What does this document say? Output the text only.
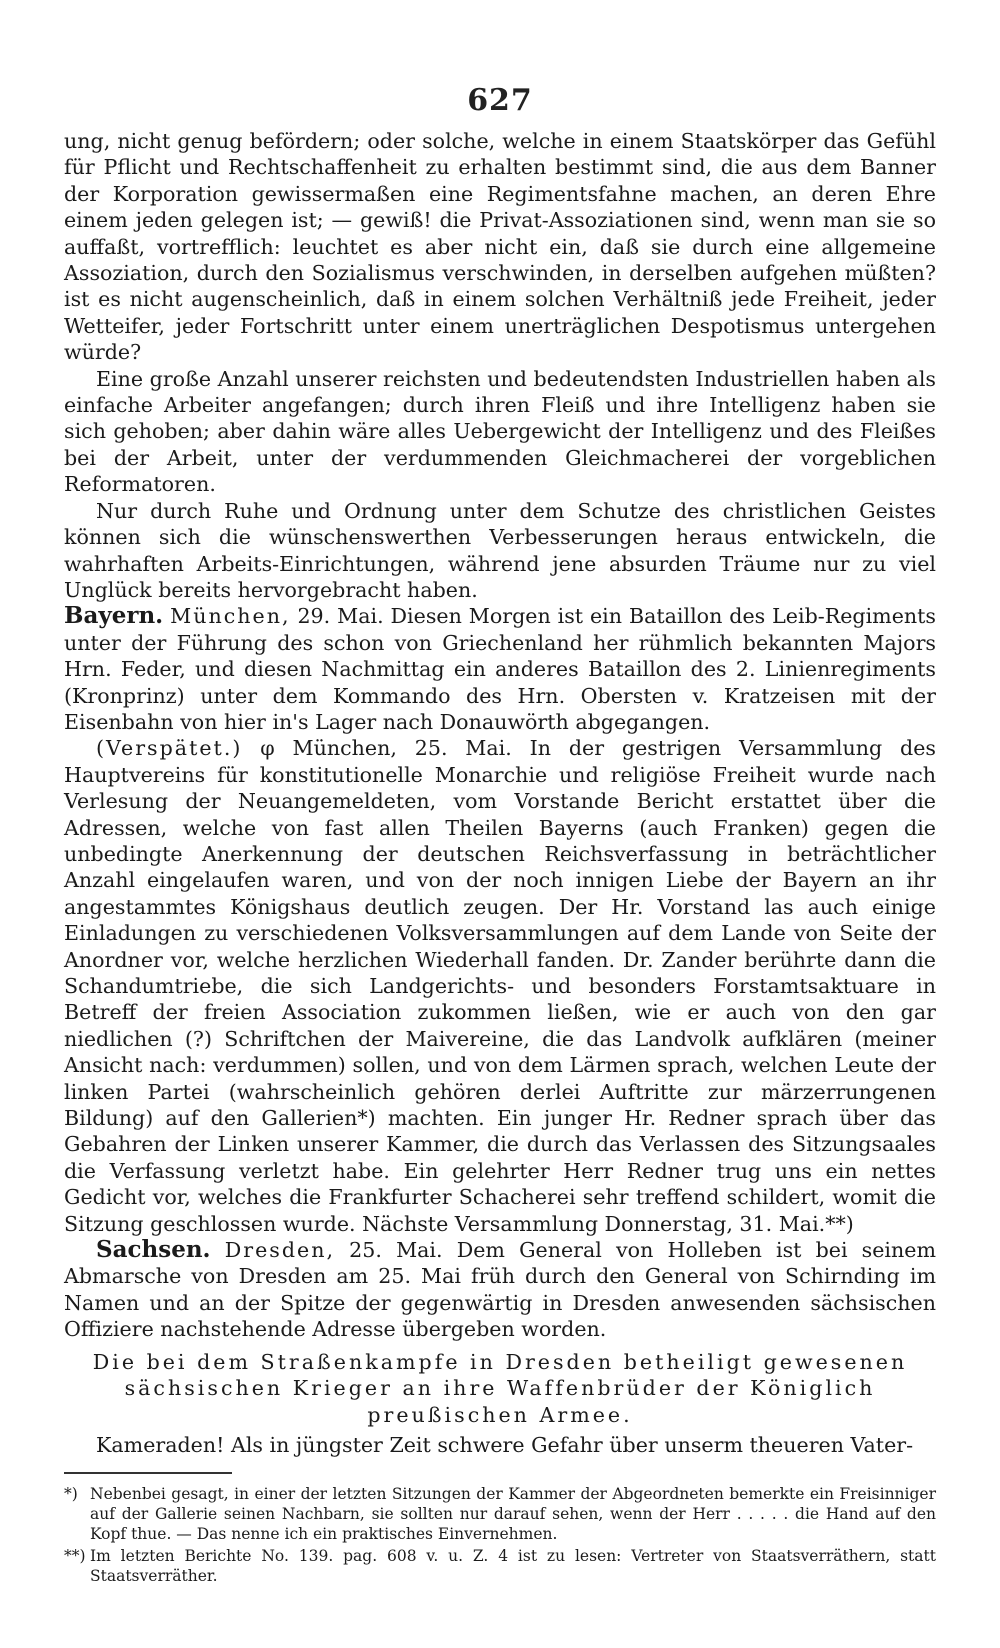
627

ung, nicht genug befördern; oder solche, welche in einem Staatskörper das Gefühl für Pflicht und Rechtschaffenheit zu erhalten bestimmt sind, die aus dem Banner der Korporation gewissermaßen eine Regimentsfahne machen, an deren Ehre einem jeden gelegen ist; — gewiß! die Privat-Assoziationen sind, wenn man sie so auffaßt, vortrefflich: leuchtet es aber nicht ein, daß sie durch eine allgemeine Assoziation, durch den Sozialismus verschwinden, in derselben aufgehen müßten? ist es nicht augenscheinlich, daß in einem solchen Verhältniß jede Freiheit, jeder Wetteifer, jeder Fortschritt unter einem unerträglichen Despotismus untergehen würde?

Eine große Anzahl unserer reichsten und bedeutendsten Industriellen haben als einfache Arbeiter angefangen; durch ihren Fleiß und ihre Intelligenz haben sie sich gehoben; aber dahin wäre alles Uebergewicht der Intelligenz und des Fleißes bei der Arbeit, unter der verdummenden Gleichmacherei der vorgeblichen Reformatoren.

Nur durch Ruhe und Ordnung unter dem Schutze des christlichen Geistes können sich die wünschenswerthen Verbesserungen heraus entwickeln, die wahrhaften Arbeits-Einrichtungen, während jene absurden Träume nur zu viel Unglück bereits hervorgebracht haben.

Bayern. München, 29. Mai. Diesen Morgen ist ein Bataillon des Leib-Regiments unter der Führung des schon von Griechenland her rühmlich bekannten Majors Hrn. Feder, und diesen Nachmittag ein anderes Bataillon des 2. Linienregiments (Kronprinz) unter dem Kommando des Hrn. Obersten v. Kratzeisen mit der Eisenbahn von hier in's Lager nach Donauwörth abgegangen.

(Verspätet.) φ München, 25. Mai. In der gestrigen Versammlung des Hauptvereins für konstitutionelle Monarchie und religiöse Freiheit wurde nach Verlesung der Neuangemeldeten, vom Vorstande Bericht erstattet über die Adressen, welche von fast allen Theilen Bayerns (auch Franken) gegen die unbedingte Anerkennung der deutschen Reichsverfassung in beträchtlicher Anzahl eingelaufen waren, und von der noch innigen Liebe der Bayern an ihr angestammtes Königshaus deutlich zeugen. Der Hr. Vorstand las auch einige Einladungen zu verschiedenen Volksversammlungen auf dem Lande von Seite der Anordner vor, welche herzlichen Wiederhall fanden. Dr. Zander berührte dann die Schandumtriebe, die sich Landgerichts- und besonders Forstamtsaktuare in Betreff der freien Association zukommen ließen, wie er auch von den gar niedlichen (?) Schriftchen der Maivereine, die das Landvolk aufklären (meiner Ansicht nach: verdummen) sollen, und von dem Lärmen sprach, welchen Leute der linken Partei (wahrscheinlich gehören derlei Auftritte zur märzerrungenen Bildung) auf den Gallerien*) machten. Ein junger Hr. Redner sprach über das Gebahren der Linken unserer Kammer, die durch das Verlassen des Sitzungsaales die Verfassung verletzt habe. Ein gelehrter Herr Redner trug uns ein nettes Gedicht vor, welches die Frankfurter Schacherei sehr treffend schildert, womit die Sitzung geschlossen wurde. Nächste Versammlung Donnerstag, 31. Mai.**)

Sachsen. Dresden, 25. Mai. Dem General von Holleben ist bei seinem Abmarsche von Dresden am 25. Mai früh durch den General von Schirnding im Namen und an der Spitze der gegenwärtig in Dresden anwesenden sächsischen Offiziere nachstehende Adresse übergeben worden.

Die bei dem Straßenkampfe in Dresden betheiligt gewesenen sächsischen Krieger an ihre Waffenbrüder der Königlich preußischen Armee.

Kameraden! Als in jüngster Zeit schwere Gefahr über unserm theueren Vater-

*) Nebenbei gesagt, in einer der letzten Sitzungen der Kammer der Abgeordneten bemerkte ein Freisinniger auf der Gallerie seinen Nachbarn, sie sollten nur darauf sehen, wenn der Herr . . . . . die Hand auf den Kopf thue. — Das nenne ich ein praktisches Einvernehmen.

**) Im letzten Berichte No. 139. pag. 608 v. u. Z. 4 ist zu lesen: Vertreter von Staatsverräthern, statt Staatsverräther.
